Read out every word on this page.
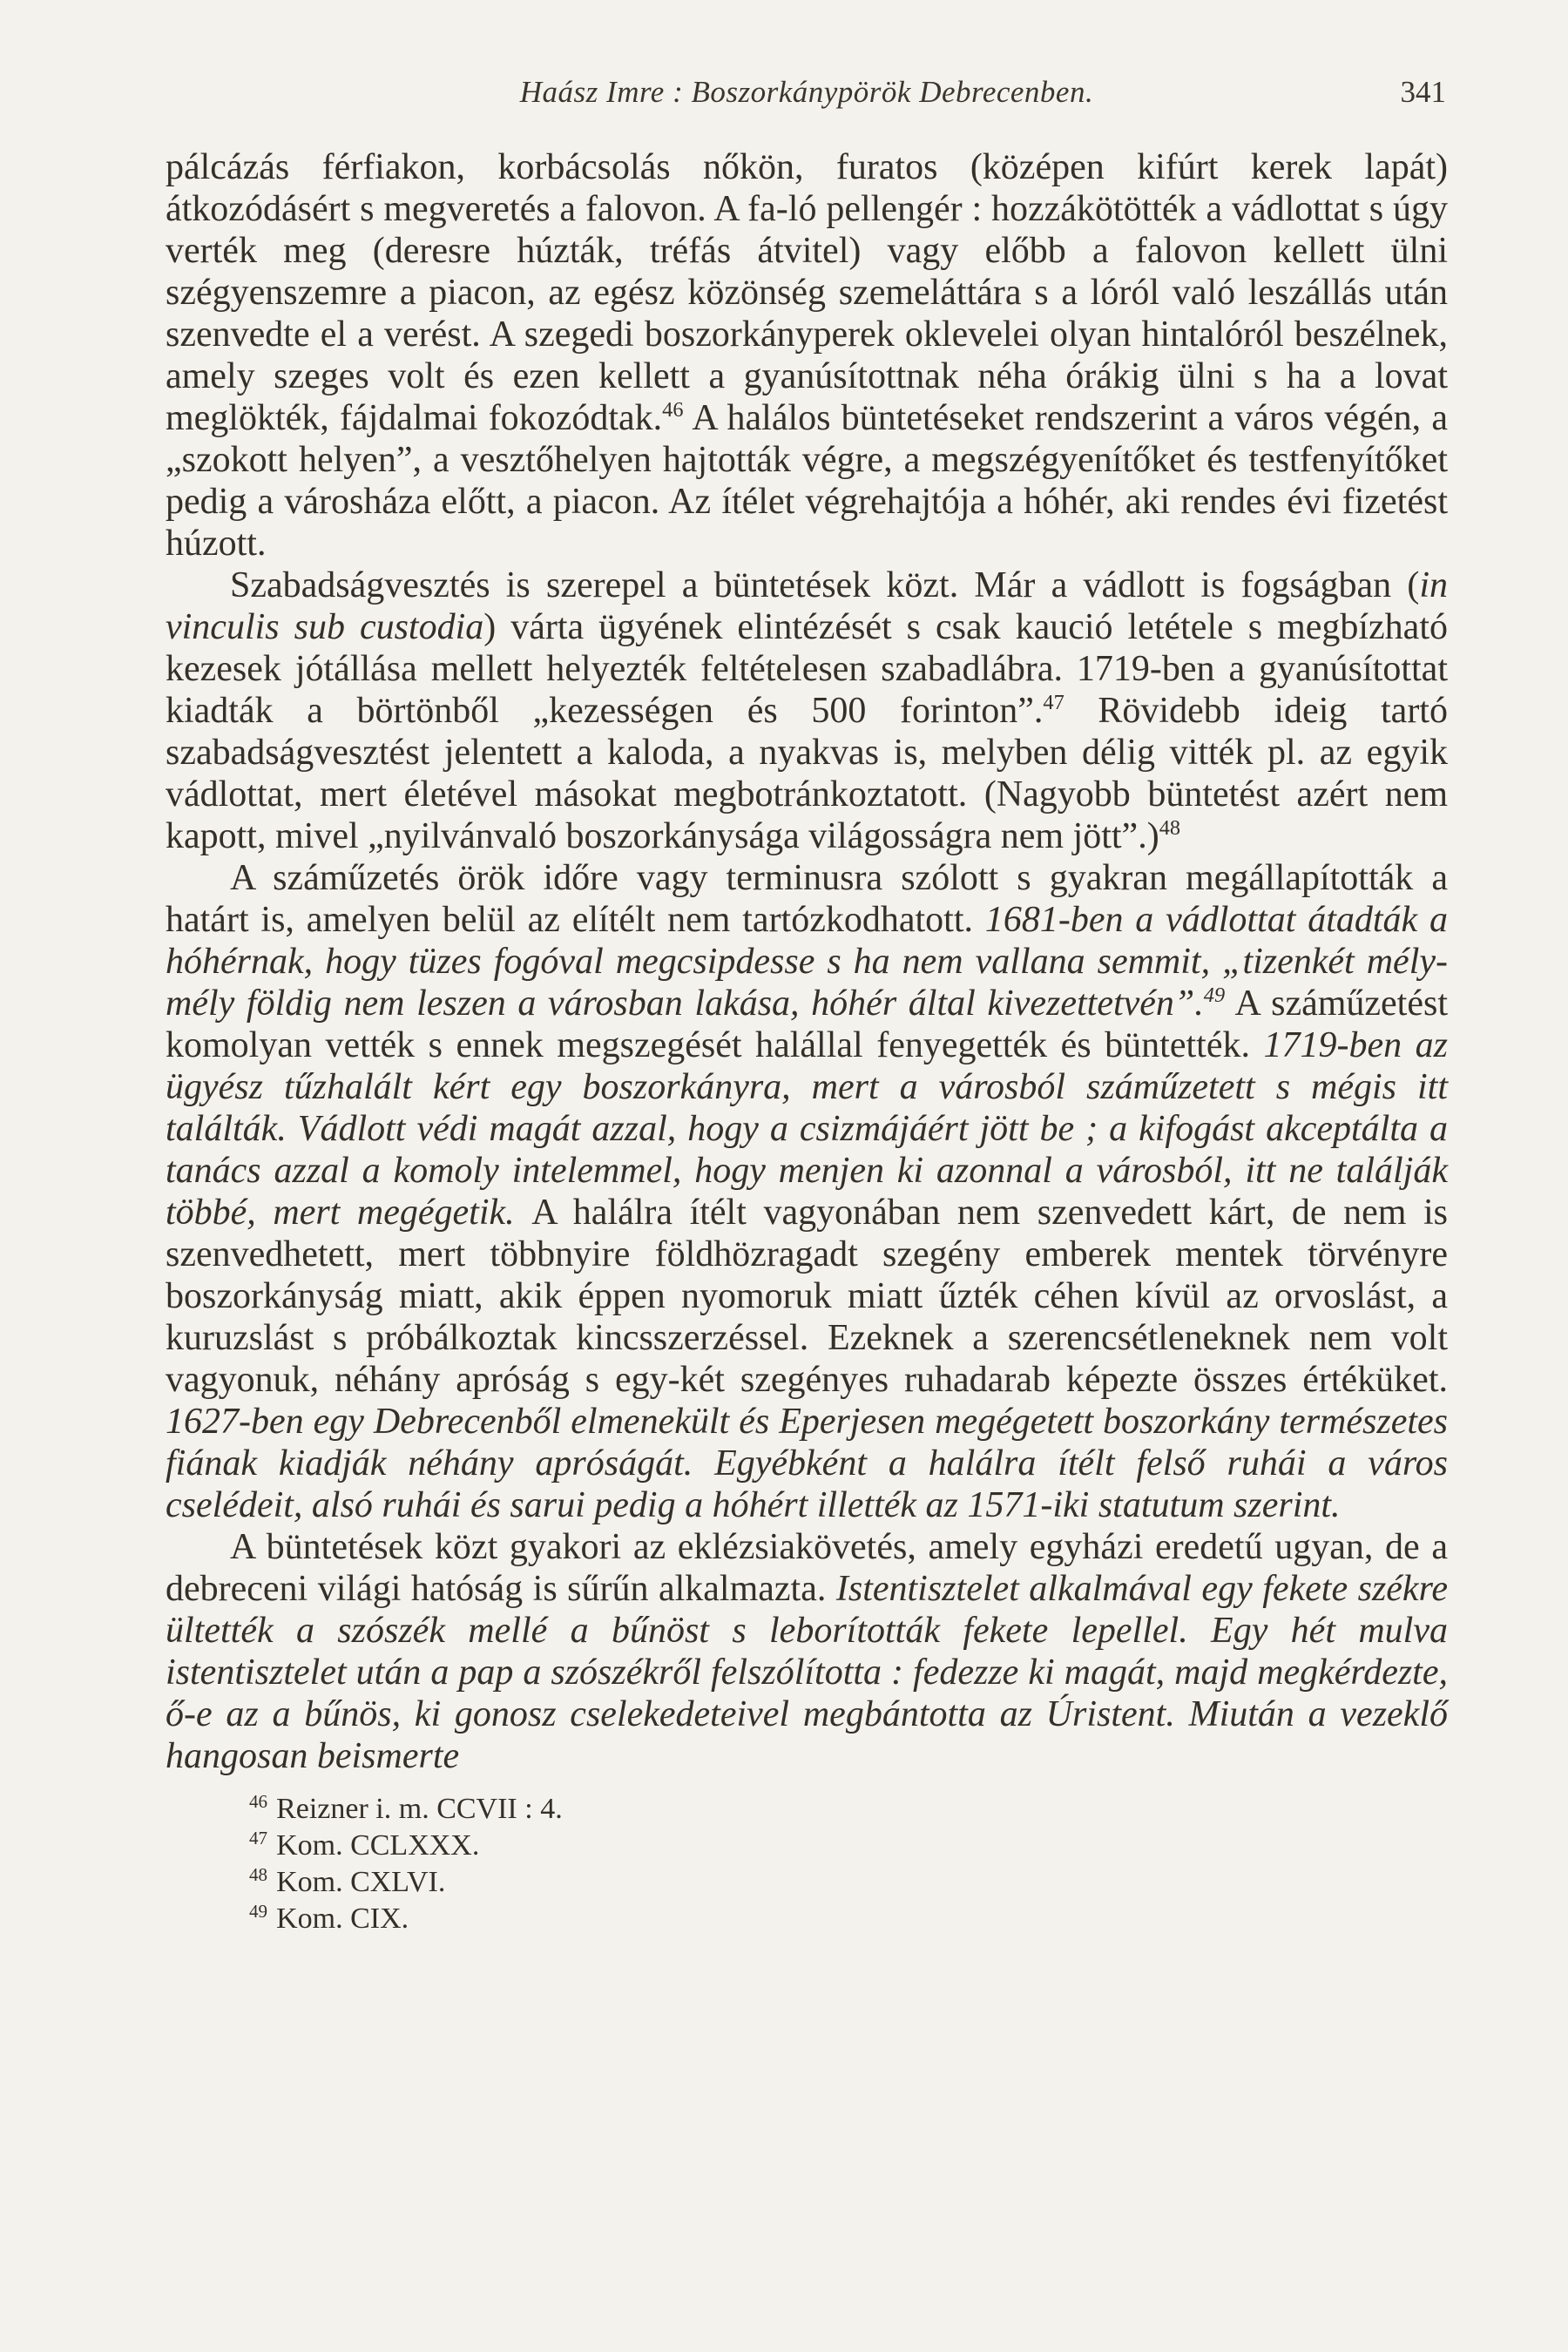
Haász Imre : Boszorkánypörök Debrecenben.	341

pálcázás férfiakon, korbácsolás nőkön, furatos (középen kifúrt kerek lapát) átkozódásért s megveretés a falovon. A fa-ló pellengér : hozzákötötték a vádlottat s úgy verték meg (deresre húzták, tréfás átvitel) vagy előbb a falovon kellett ülni szégyenszemre a piacon, az egész közönség szemeláttára s a lóról való leszállás után szenvedte el a verést. A szegedi boszorkányperek oklevelei olyan hintalóról beszélnek, amely szeges volt és ezen kellett a gyanúsítottnak néha órákig ülni s ha a lovat meglökték, fájdalmai fokozódtak.$^{46}$ A halálos büntetéseket rendszerint a város végén, a „szokott helyen”, a vesztőhelyen hajtották végre, a megszégyenítőket és testfenyítőket pedig a városháza előtt, a piacon. Az ítélet végrehajtója a hóhér, aki rendes évi fizetést húzott.

Szabadságvesztés is szerepel a büntetések közt. Már a vádlott is fogságban (in vinculis sub custodia) várta ügyének elintézését s csak kaució letétele s megbízható kezesek jótállása mellett helyezték feltételesen szabadlábra. 1719-ben a gyanúsítottat kiadták a börtönből „kezességen és 500 forinton”.$^{47}$ Rövidebb ideig tartó szabadságvesztést jelentett a kaloda, a nyakvas is, melyben délig vitték pl. az egyik vádlottat, mert életével másokat megbotránkoztatott. (Nagyobb büntetést azért nem kapott, mivel „nyilvánvaló boszorkánysága világosságra nem jött”.)$^{48}$

A száműzetés örök időre vagy terminusra szólott s gyakran megállapították a határt is, amelyen belül az elítélt nem tartózkodhatott. 1681-ben a vádlottat átadták a hóhérnak, hogy tüzes fogóval megcsipdesse s ha nem vallana semmit, „tizenkét mély-mély földig nem leszen a városban lakása, hóhér által kivezettetvén”.$^{49}$ A száműzetést komolyan vették s ennek megszegését halállal fenyegették és büntették. 1719-ben az ügyész tűzhalált kért egy boszorkányra, mert a városból száműzetett s mégis itt találták. Vádlott védi magát azzal, hogy a csizmájáért jött be ; a kifogást akceptálta a tanács azzal a komoly intelemmel, hogy menjen ki azonnal a városból, itt ne találják többé, mert megégetik. A halálra ítélt vagyonában nem szenvedett kárt, de nem is szenvedhetett, mert többnyire földhözragadt szegény emberek mentek törvényre boszorkányság miatt, akik éppen nyomoruk miatt űzték céhen kívül az orvoslást, a kuruzslást s próbálkoztak kincsszerzéssel. Ezeknek a szerencsétleneknek nem volt vagyonuk, néhány apróság s egy-két szegényes ruhadarab képezte összes értéküket. 1627-ben egy Debrecenből elmenekült és Eperjesen megégetett boszorkány természetes fiának kiadják néhány apróságát. Egyébként a halálra ítélt felső ruhái a város cselédeit, alsó ruhái és sarui pedig a hóhért illették az 1571-iki statutum szerint.

A büntetések közt gyakori az eklézsiakövetés, amely egyházi eredetű ugyan, de a debreceni világi hatóság is sűrűn alkalmazta. Istentisztelet alkalmával egy fekete székre ültették a szószék mellé a bűnöst s leborították fekete lepellel. Egy hét mulva istentisztelet után a pap a szószékről felszólította : fedezze ki magát, majd megkérdezte, ő-e az a bűnös, ki gonosz cselekedeteivel megbántotta az Úristent. Miután a vezeklő hangosan beismerte

$^{46}$ Reizner i. m. CCVII : 4.
$^{47}$ Kom. CCLXXX.
$^{48}$ Kom. CXLVI.
$^{49}$ Kom. CIX.
